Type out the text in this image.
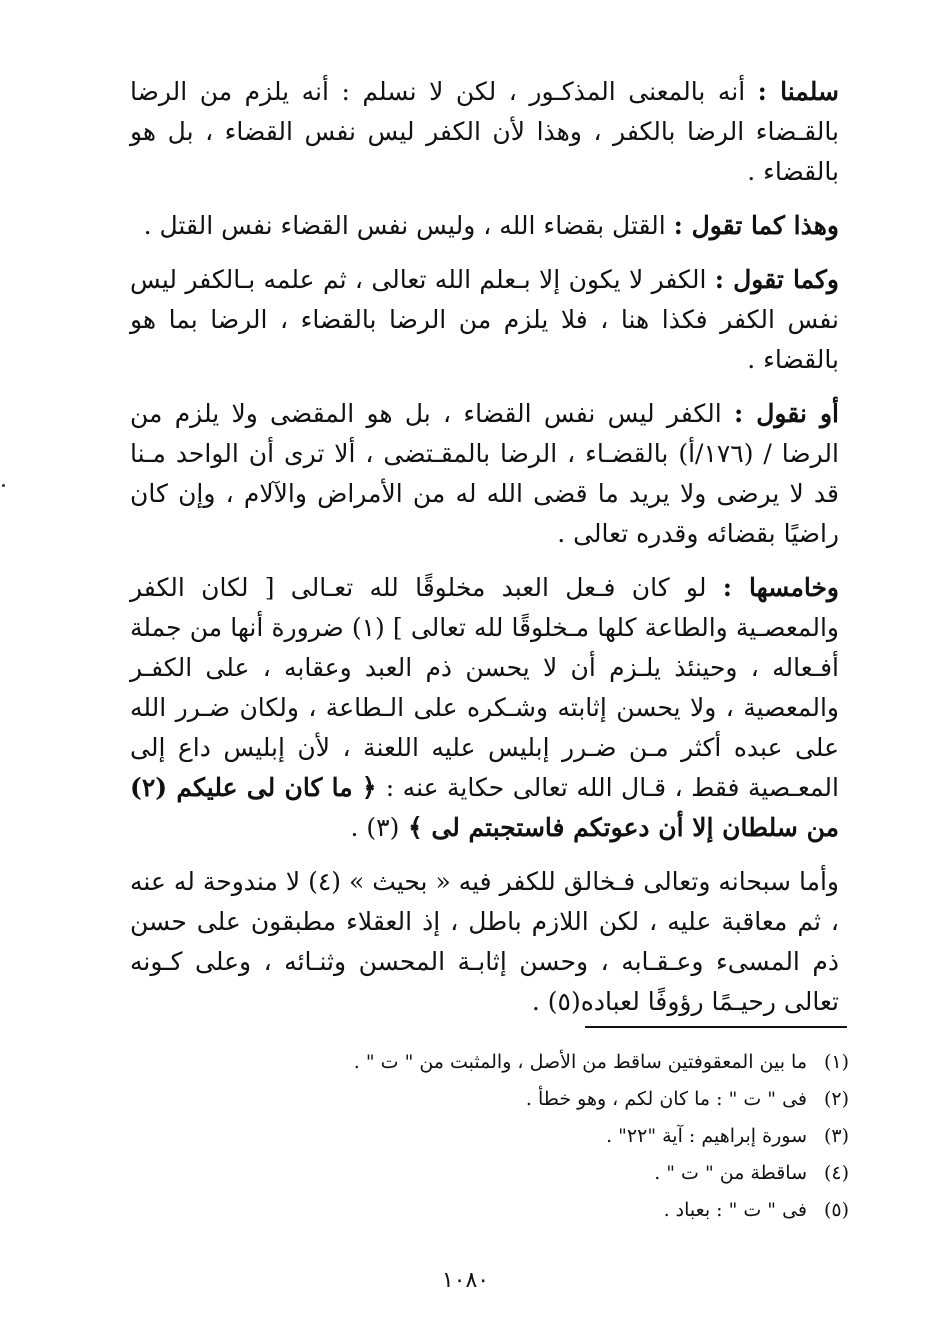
سلمنا : أنه بالمعنى المذكـور ، لكن لا نسلم : أنه يلزم من الرضا بالقـضاء الرضا بالكفر ، وهذا لأن الكفر ليس نفس القضاء ، بل هو بالقضاء .

وهذا كما تقول : القتل بقضاء الله ، وليس نفس القضاء نفس القتل .

وكما تقول : الكفر لا يكون إلا بـعلم الله تعالى ، ثم علمه بـالكفر ليس نفس الكفر فكذا هنا ، فلا يلزم من الرضا بالقضاء ، الرضا بما هو بالقضاء .

أو نقول : الكفر ليس نفس القضاء ، بل هو المقضى ولا يلزم من الرضا / (١٧٦/أ) بالقضـاء ، الرضا بالمقـتضى ، ألا ترى أن الواحد مـنا قد لا يرضى ولا يريد ما قضى الله له من الأمراض والآلام ، وإن كان راضيًا بقضائه وقدره تعالى .

وخامسها : لو كان فـعل العبد مخلوقًا لله تعـالى [ لكان الكفر والمعصـية والطاعة كلها مـخلوقًا لله تعالى ] (١) ضرورة أنها من جملة أفـعاله ، وحينئذ يلـزم أن لا يحسن ذم العبد وعقابه ، على الكفـر والمعصية ، ولا يحسن إثابته وشـكره على الـطاعة ، ولكان ضـرر الله على عبده أكثر مـن ضـرر إبليس عليه اللعنة ، لأن إبليس داع إلى المعـصية فقط ، قـال الله تعالى حكاية عنه : ﴿ ما كان لى عليكم (٢) من سلطان إلا أن دعوتكم فاستجبتم لى ﴾ (٣) .

وأما سبحانه وتعالى فـخالق للكفر فيه « بحيث » (٤) لا مندوحة له عنه ، ثم معاقبة عليه ، لكن اللازم باطل ، إذ العقلاء مطبقون على حسن ذم المسىء وعـقـابه ، وحسن إثابـة المحسن وثنـائه ، وعلى كـونه تعالى رحيـمًا رؤوفًا لعباده(٥) .

(١)ما بين المعقوفتين ساقط من الأصل ، والمثبت من " ت " .
(٢)فى " ت " : ما كان لكم ، وهو خطأ .
(٣)سورة إبراهيم : آية "٢٢" .
(٤)ساقطة من " ت " .
(٥)فى " ت " : بعباد .
١٠٨٠
